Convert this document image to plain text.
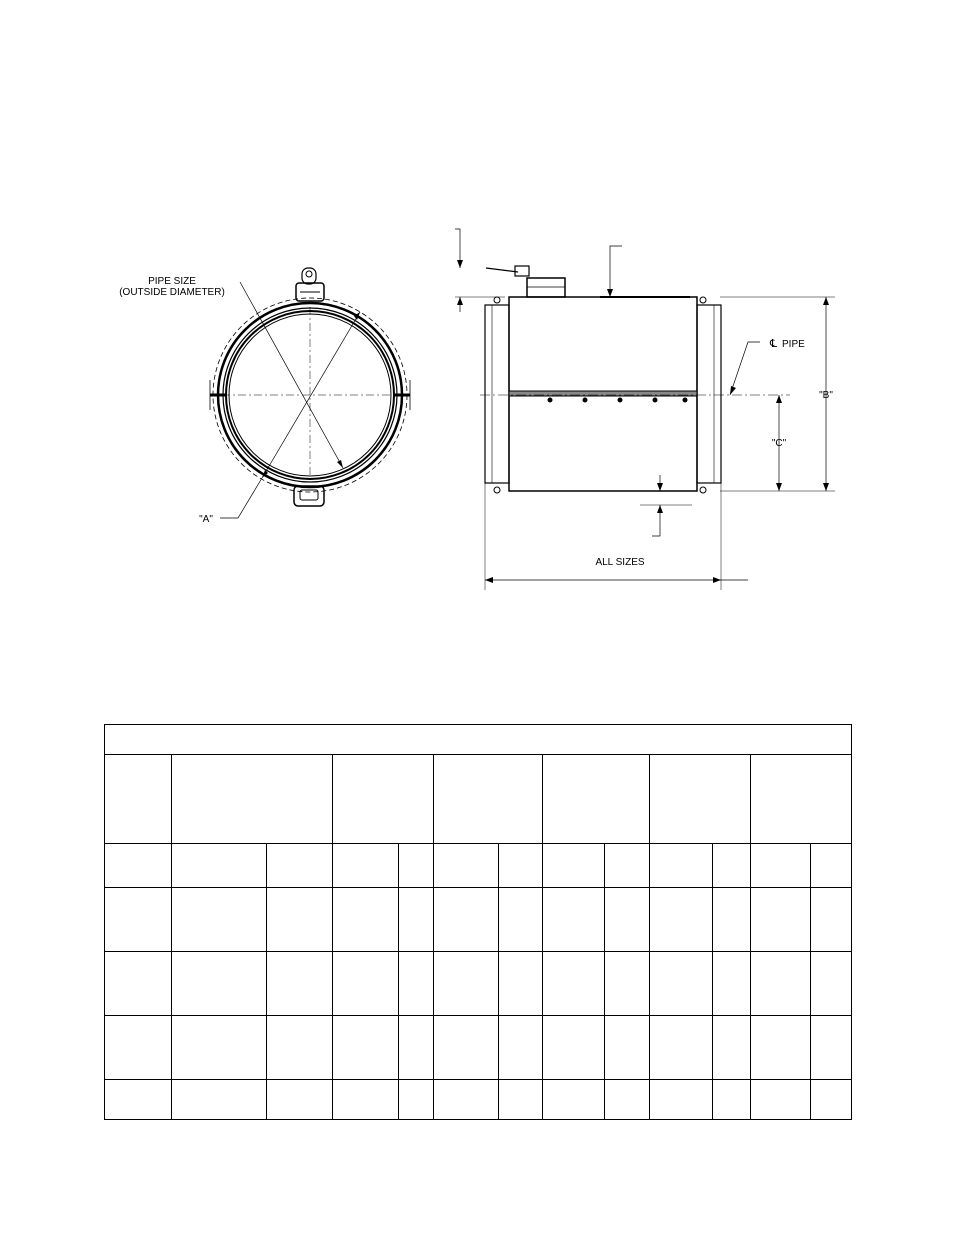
PIPE SIZE
(OUTSIDE DIAMETER)
"A"
℄ PIPE
"B"
"C"
ALL SIZES
